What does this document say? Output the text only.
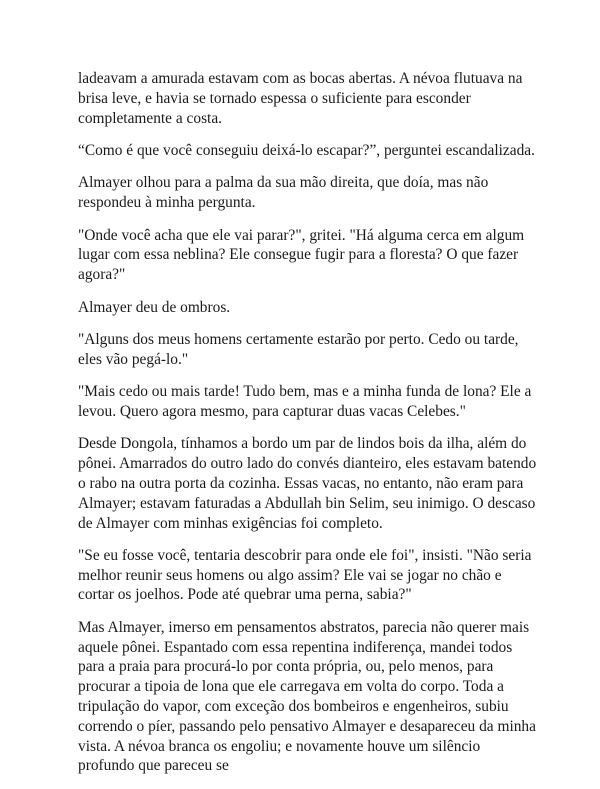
ladeavam a amurada estavam com as bocas abertas. A névoa flutuava na brisa leve, e havia se tornado espessa o suficiente para esconder completamente a costa.

“Como é que você conseguiu deixá-lo escapar?”, perguntei escandalizada.

Almayer olhou para a palma da sua mão direita, que doía, mas não respondeu à minha pergunta.

"Onde você acha que ele vai parar?", gritei. "Há alguma cerca em algum lugar com essa neblina? Ele consegue fugir para a floresta? O que fazer agora?"

Almayer deu de ombros.

"Alguns dos meus homens certamente estarão por perto. Cedo ou tarde, eles vão pegá-lo."

"Mais cedo ou mais tarde! Tudo bem, mas e a minha funda de lona? Ele a levou. Quero agora mesmo, para capturar duas vacas Celebes."

Desde Dongola, tínhamos a bordo um par de lindos bois da ilha, além do pônei. Amarrados do outro lado do convés dianteiro, eles estavam batendo o rabo na outra porta da cozinha. Essas vacas, no entanto, não eram para Almayer; estavam faturadas a Abdullah bin Selim, seu inimigo. O descaso de Almayer com minhas exigências foi completo.

"Se eu fosse você, tentaria descobrir para onde ele foi", insisti. "Não seria melhor reunir seus homens ou algo assim? Ele vai se jogar no chão e cortar os joelhos. Pode até quebrar uma perna, sabia?"

Mas Almayer, imerso em pensamentos abstratos, parecia não querer mais aquele pônei. Espantado com essa repentina indiferença, mandei todos para a praia para procurá-lo por conta própria, ou, pelo menos, para procurar a tipoia de lona que ele carregava em volta do corpo. Toda a tripulação do vapor, com exceção dos bombeiros e engenheiros, subiu correndo o píer, passando pelo pensativo Almayer e desapareceu da minha vista. A névoa branca os engoliu; e novamente houve um silêncio profundo que pareceu se
